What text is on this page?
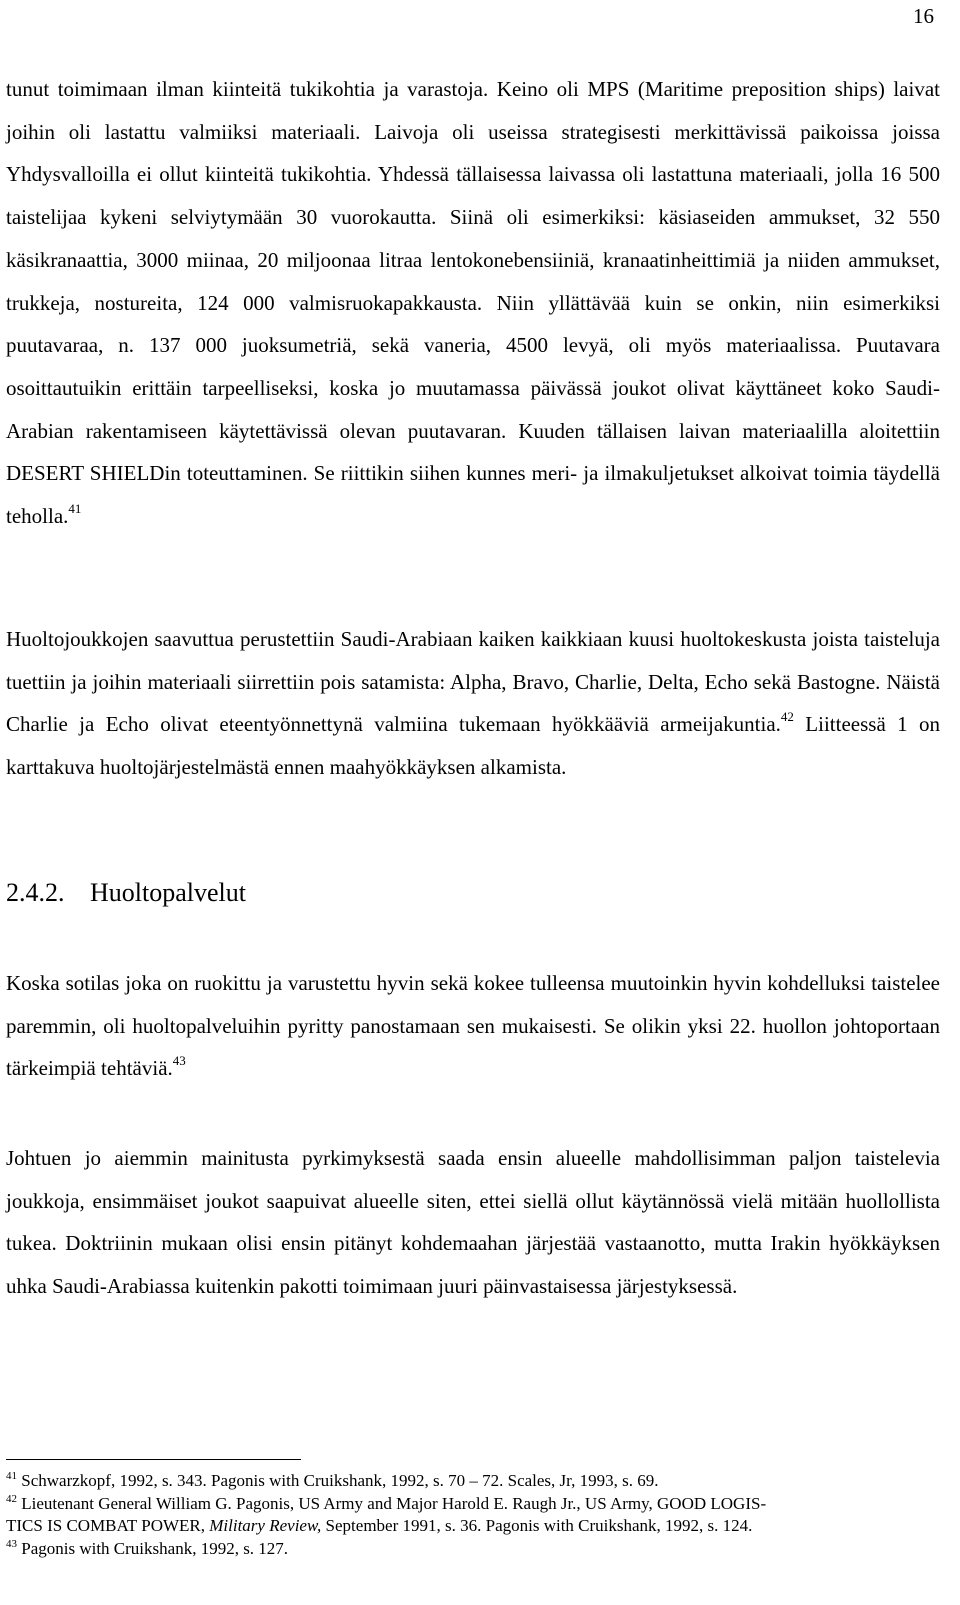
16

tunut toimimaan ilman kiinteitä tukikohtia ja varastoja. Keino oli MPS (Maritime preposition ships) laivat joihin oli lastattu valmiiksi materiaali. Laivoja oli useissa strategisesti merkittävissä paikoissa joissa Yhdysvalloilla ei ollut kiinteitä tukikohtia. Yhdessä tällaisessa laivassa oli lastattuna materiaali, jolla 16 500 taistelijaa kykeni selviytymään 30 vuorokautta. Siinä oli esimerkiksi: käsiaseiden ammukset, 32 550 käsikranaattia, 3000 miinaa, 20 miljoonaa litraa lentokonebensiiniä, kranaatinheittimiä ja niiden ammukset, trukkeja, nostureita, 124 000 valmisruokapakkausta. Niin yllättävää kuin se onkin, niin esimerkiksi puutavaraa, n. 137 000 juoksumetriä, sekä vaneria, 4500 levyä, oli myös materiaalissa. Puutavara osoittautuikin erittäin tarpeelliseksi, koska jo muutamassa päivässä joukot olivat käyttäneet koko Saudi-Arabian rakentamiseen käytettävissä olevan puutavaran. Kuuden tällaisen laivan materiaalilla aloitettiin DESERT SHIELDin toteuttaminen. Se riittikin siihen kunnes meri- ja ilmakuljetukset alkoivat toimia täydellä teholla.$^{41}$

Huoltojoukkojen saavuttua perustettiin Saudi-Arabiaan kaiken kaikkiaan kuusi huoltokeskusta joista taisteluja tuettiin ja joihin materiaali siirrettiin pois satamista: Alpha, Bravo, Charlie, Delta, Echo sekä Bastogne. Näistä Charlie ja Echo olivat eteentyönnettynä valmiina tukemaan hyökkääviä armeijakuntia.$^{42}$ Liitteessä 1 on karttakuva huoltojärjestelmästä ennen maahyökkäyksen alkamista.

2.4.2. Huoltopalvelut

Koska sotilas joka on ruokittu ja varustettu hyvin sekä kokee tulleensa muutoinkin hyvin kohdelluksi taistelee paremmin, oli huoltopalveluihin pyritty panostamaan sen mukaisesti. Se olikin yksi 22. huollon johtoportaan tärkeimpiä tehtäviä.$^{43}$

Johtuen jo aiemmin mainitusta pyrkimyksestä saada ensin alueelle mahdollisimman paljon taistelevia joukkoja, ensimmäiset joukot saapuivat alueelle siten, ettei siellä ollut käytännössä vielä mitään huollollista tukea. Doktriinin mukaan olisi ensin pitänyt kohdemaahan järjestää vastaanotto, mutta Irakin hyökkäyksen uhka Saudi-Arabiassa kuitenkin pakotti toimimaan juuri päinvastaisessa järjestyksessä.

$^{41}$ Schwarzkopf, 1992, s. 343. Pagonis with Cruikshank, 1992, s. 70 – 72. Scales, Jr, 1993, s. 69.

$^{42}$ Lieutenant General William G. Pagonis, US Army and Major Harold E. Raugh Jr., US Army, GOOD LOGIS-
TICS IS COMBAT POWER, Military Review, September 1991, s. 36. Pagonis with Cruikshank, 1992, s. 124.

$^{43}$ Pagonis with Cruikshank, 1992, s. 127.
